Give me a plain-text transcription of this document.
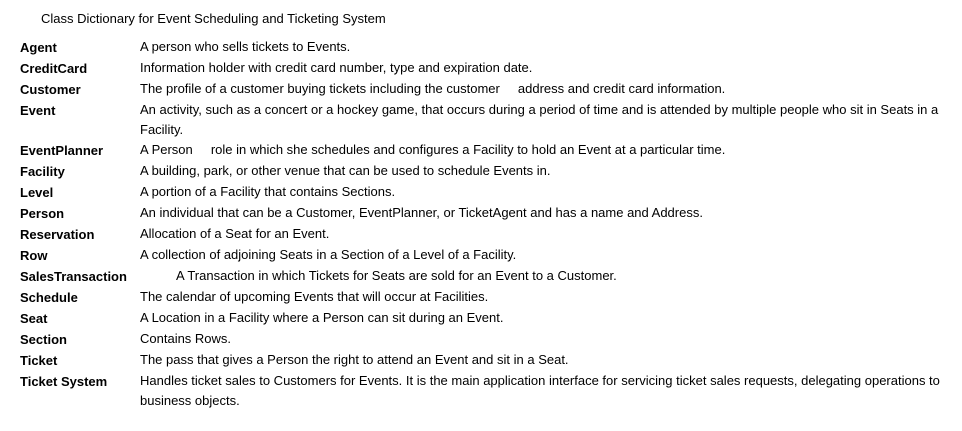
Class Dictionary for Event Scheduling and Ticketing System
Agent	A person who sells tickets to Events.
CreditCard	Information holder with credit card number, type and expiration date.
Customer	The profile of a customer buying tickets including the customer     address and credit card information.
Event	An activity, such as a concert or a hockey game, that occurs during a period of time and is attended by multiple people who sit in Seats in a Facility.
EventPlanner	A Person     role in which she schedules and configures a Facility to hold an Event at a particular time.
Facility	A building, park, or other venue that can be used to schedule Events in.
Level	A portion of a Facility that contains Sections.
Person	An individual that can be a Customer, EventPlanner, or TicketAgent and has a name and Address.
Reservation	Allocation of a Seat for an Event.
Row	A collection of adjoining Seats in a Section of a Level of a Facility.
SalesTransaction	A Transaction in which Tickets for Seats are sold for an Event to a Customer.
Schedule	The calendar of upcoming Events that will occur at Facilities.
Seat	A Location in a Facility where a Person can sit during an Event.
Section	Contains Rows.
Ticket	The pass that gives a Person the right to attend an Event and sit in a Seat.
Ticket System	Handles ticket sales to Customers for Events. It is the main application interface for servicing ticket sales requests, delegating operations to business objects.
